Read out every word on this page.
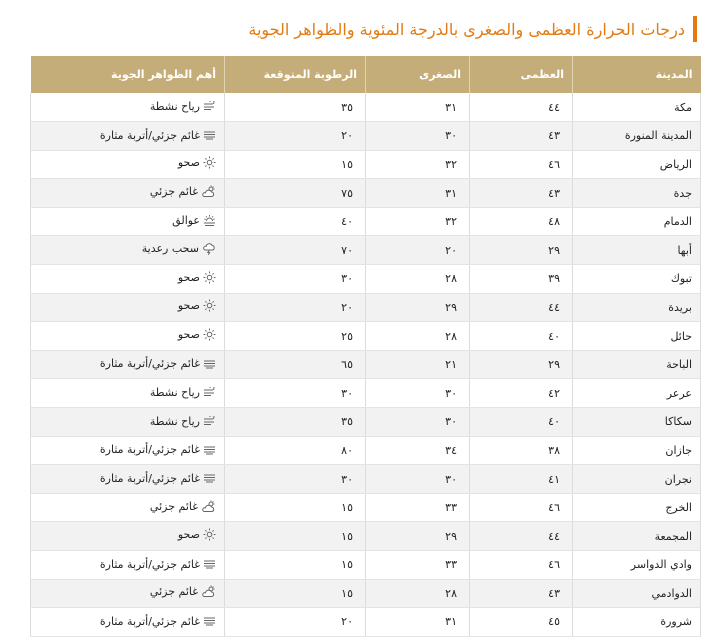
درجات الحرارة العظمى والصغرى بالدرجة المئوية والظواهر الجوية
المدينة	العظمى	الصغرى	الرطوبة المتوقعة	أهم الظواهر الجوية
مكة	٤٤	٣١	٣٥	رياح نشطة

المدينة المنورة	٤٣	٣٠	٢٠	غائم جزئي/أتربة مثارة

الرياض	٤٦	٣٢	١٥	صحو

جدة	٤٣	٣١	٧٥	غائم جزئي

الدمام	٤٨	٣٢	٤٠	عوالق

أبها	٢٩	٢٠	٧٠	سحب رعدية

تبوك	٣٩	٢٨	٣٠	صحو

بريدة	٤٤	٢٩	٢٠	صحو

حائل	٤٠	٢٨	٢٥	صحو

الباحة	٢٩	٢١	٦٥	غائم جزئي/أتربة مثارة

عرعر	٤٢	٣٠	٣٠	رياح نشطة

سكاكا	٤٠	٣٠	٣٥	رياح نشطة

جازان	٣٨	٣٤	٨٠	غائم جزئي/أتربة مثارة

نجران	٤١	٣٠	٣٠	غائم جزئي/أتربة مثارة

الخرج	٤٦	٣٣	١٥	غائم جزئي

المجمعة	٤٤	٢٩	١٥	صحو

وادي الدواسر	٤٦	٣٣	١٥	غائم جزئي/أتربة مثارة

الدوادمي	٤٣	٢٨	١٥	غائم جزئي

شرورة	٤٥	٣١	٢٠	غائم جزئي/أتربة مثارة
